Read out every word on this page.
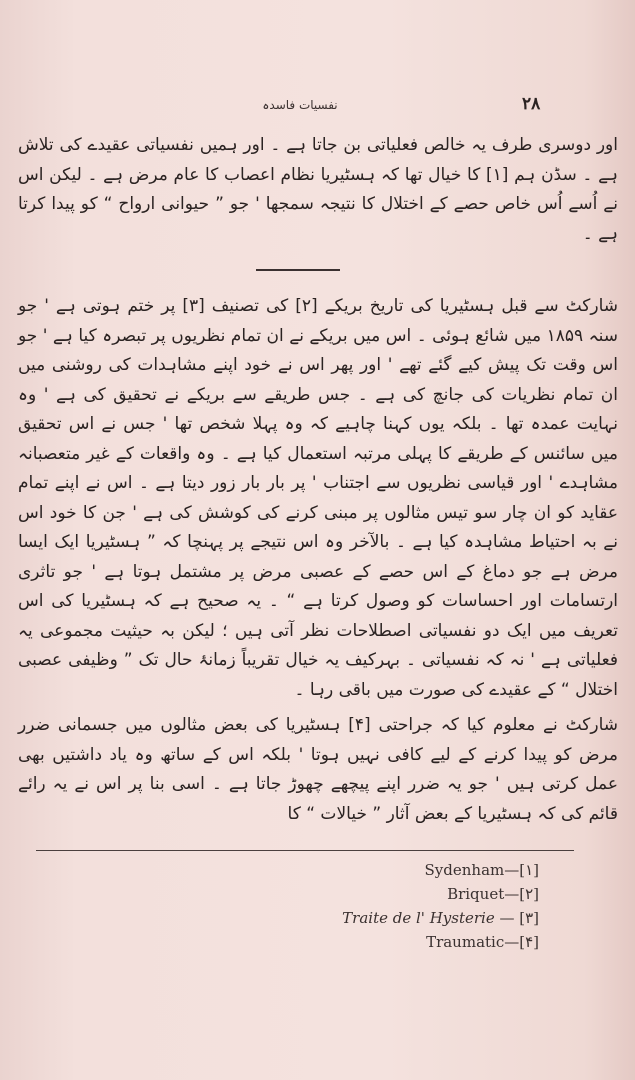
۲۸
نفسیات فاسدہ
اور دوسری طرف یہ خالص فعلیاتی بن جاتا ہے ۔ اور ہمیں نفسیاتی عقیدے کی تلاش ہے ۔ سڈن ہم [۱] کا خیال تھا کہ ہسٹیریا نظام اعصاب کا عام مرض ہے ۔ لیکن اس نے اُسے اُس خاص حصے کے اختلال کا نتیجہ سمجھا ' جو ” حیوانی ارواح “ کو پیدا کرتا ہے ۔
شارکٹ سے قبل ہسٹیریا کی تاریخ بریکے [۲] کی تصنیف [۳] پر ختم ہوتی ہے ' جو سنہ ۱۸۵۹ میں شائع ہوئی ۔ اس میں بریکے نے ان تمام نظریوں پر تبصرہ کیا ہے ' جو اس وقت تک پیش کیے گئے تھے ' اور پھر اس نے خود اپنے مشاہدات کی روشنی میں ان تمام نظریات کی جانچ کی ہے ۔ جس طریقے سے بریکے نے تحقیق کی ہے ' وہ نہایت عمدہ تھا ۔ بلکہ یوں کہنا چاہیے کہ وہ پہلا شخص تھا ' جس نے اس تحقیق میں سائنس کے طریقے کا پہلی مرتبہ استعمال کیا ہے ۔ وہ واقعات کے غیر متعصبانہ مشاہدے ' اور قیاسی نظریوں سے اجتناب ' پر بار بار زور دیتا ہے ۔ اس نے اپنے تمام عقاید کو ان چار سو تیس مثالوں پر مبنی کرنے کی کوشش کی ہے ' جن کا خود اس نے بہ احتیاط مشاہدہ کیا ہے ۔ بالآخر وہ اس نتیجے پر پہنچا کہ ” ہسٹیریا ایک ایسا مرض ہے جو دماغ کے اس حصے کے عصبی مرض پر مشتمل ہوتا ہے ' جو تاثری ارتسامات اور احساسات کو وصول کرتا ہے “ ۔ یہ صحیح ہے کہ ہسٹیریا کی اس تعریف میں ایک دو نفسیاتی اصطلاحات نظر آتی ہیں ؛ لیکن بہ حیثیت مجموعی یہ فعلیاتی ہے ' نہ کہ نفسیاتی ۔ بہرکیف یہ خیال تقریباً زمانۂ حال تک ” وظیفی عصبی اختلال “ کے عقیدے کی صورت میں باقی رہا ۔
شارکٹ نے معلوم کیا کہ جراحتی [۴] ہسٹیریا کی بعض مثالوں میں جسمانی ضرر مرض کو پیدا کرنے کے لیے کافی نہیں ہوتا ' بلکہ اس کے ساتھ وہ یاد داشتیں بھی عمل کرتی ہیں ' جو یہ ضرر اپنے پیچھے چھوڑ جاتا ہے ۔ اسی بنا پر اس نے یہ رائے قائم کی کہ ہسٹیریا کے بعض آثار ” خیالات “ کا
Sydenham—[۱]
Briquet—[۲]
Traite de l' Hysterie — [۳]
Traumatic—[۴]
